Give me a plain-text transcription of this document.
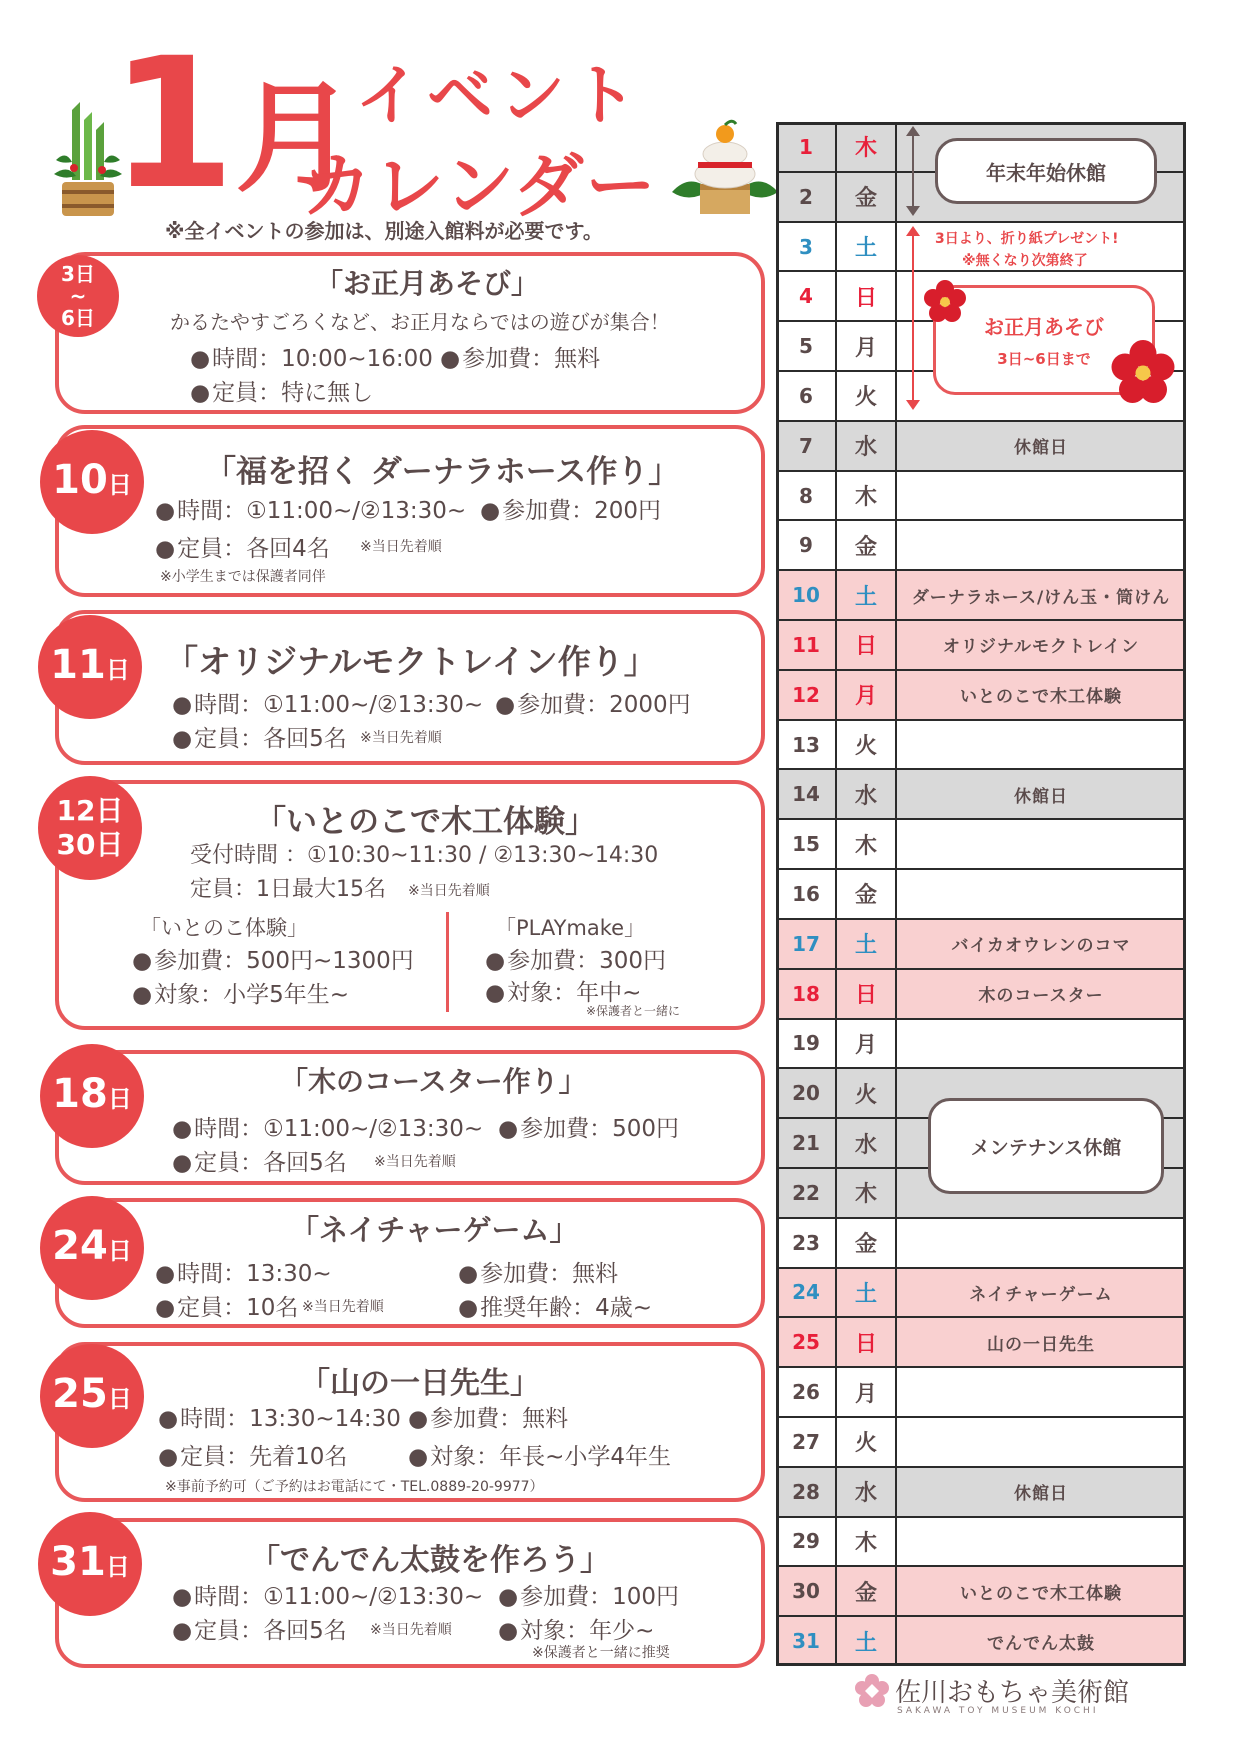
1 月 イベント
カレンダー
※全イベントの参加は、別途入館料が必要です。
3日
~
6日
「お正月あそび」
かるたやすごろくなど、お正月ならではの遊びが集合！
● 時間：10:00~16:00	● 参加費：無料
● 定員：特に無し
10日 「福を招く ダーナラホース作り」
● 時間：①11:00~/②13:30~	● 参加費：200円
● 定員：各回4名 ※当日先着順
※小学生までは保護者同伴
11日 「オリジナルモクトレイン作り」
● 時間：①11:00~/②13:30~	● 参加費：2000円
● 定員：各回5名 ※当日先着順
12日
30日
「いとのこで木工体験」
受付時間 ：①10:30~11:30 / ②13:30~14:30
定員：1日最大15名 ※当日先着順
「いとのこ体験」
● 参加費：500円~1300円
● 対象：小学5年生~
「PLAYmake」
● 参加費：300円
● 対象：年中~
※保護者と一緒に
18日
「木のコースター作り」
● 時間：①11:00~/②13:30~	● 参加費：500円
● 定員：各回5名 ※当日先着順
24日
「ネイチャーゲーム」
● 時間：13:30~	● 参加費：無料
● 定員：10名 ※当日先着順	● 推奨年齢：4歳~
25日	「山の一日先生」
● 時間：13:30~14:30	● 参加費：無料
● 定員：先着10名	● 対象：年長~小学4年生
※事前予約可（ご予約はお電話にて・TEL.0889-20-9977）
31日	「でんでん太鼓を作ろう」
● 時間：①11:00~/②13:30~	● 参加費：100円
● 定員：各回5名 ※当日先着順	● 対象：年少~
※保護者と一緒に推奨
1	木
2	金
3	土
4	日
5	月
6	火
7	水	休館日
8	木
9	金
10	土	ダーナラホース/けん玉・筒けん
11	日	オリジナルモクトレイン
12	月	いとのこで木工体験
13	火
14	水	休館日
15	木
16	金
17	土	バイカオウレンのコマ
18	日	木のコースター
19	月
20	火
21	水
22	木
23	金
24	土	ネイチャーゲーム
25	日	山の一日先生
26	月
27	火
28	水	休館日
29	木
30	金	いとのこで木工体験
31	土	でんでん太鼓
年末年始休館
3日より、折り紙プレゼント!
※無くなり次第終了
お正月あそび
3日~6日まで
メンテナンス休館
佐川おもちゃ美術館
SAKAWA TOY MUSEUM KOCHI
